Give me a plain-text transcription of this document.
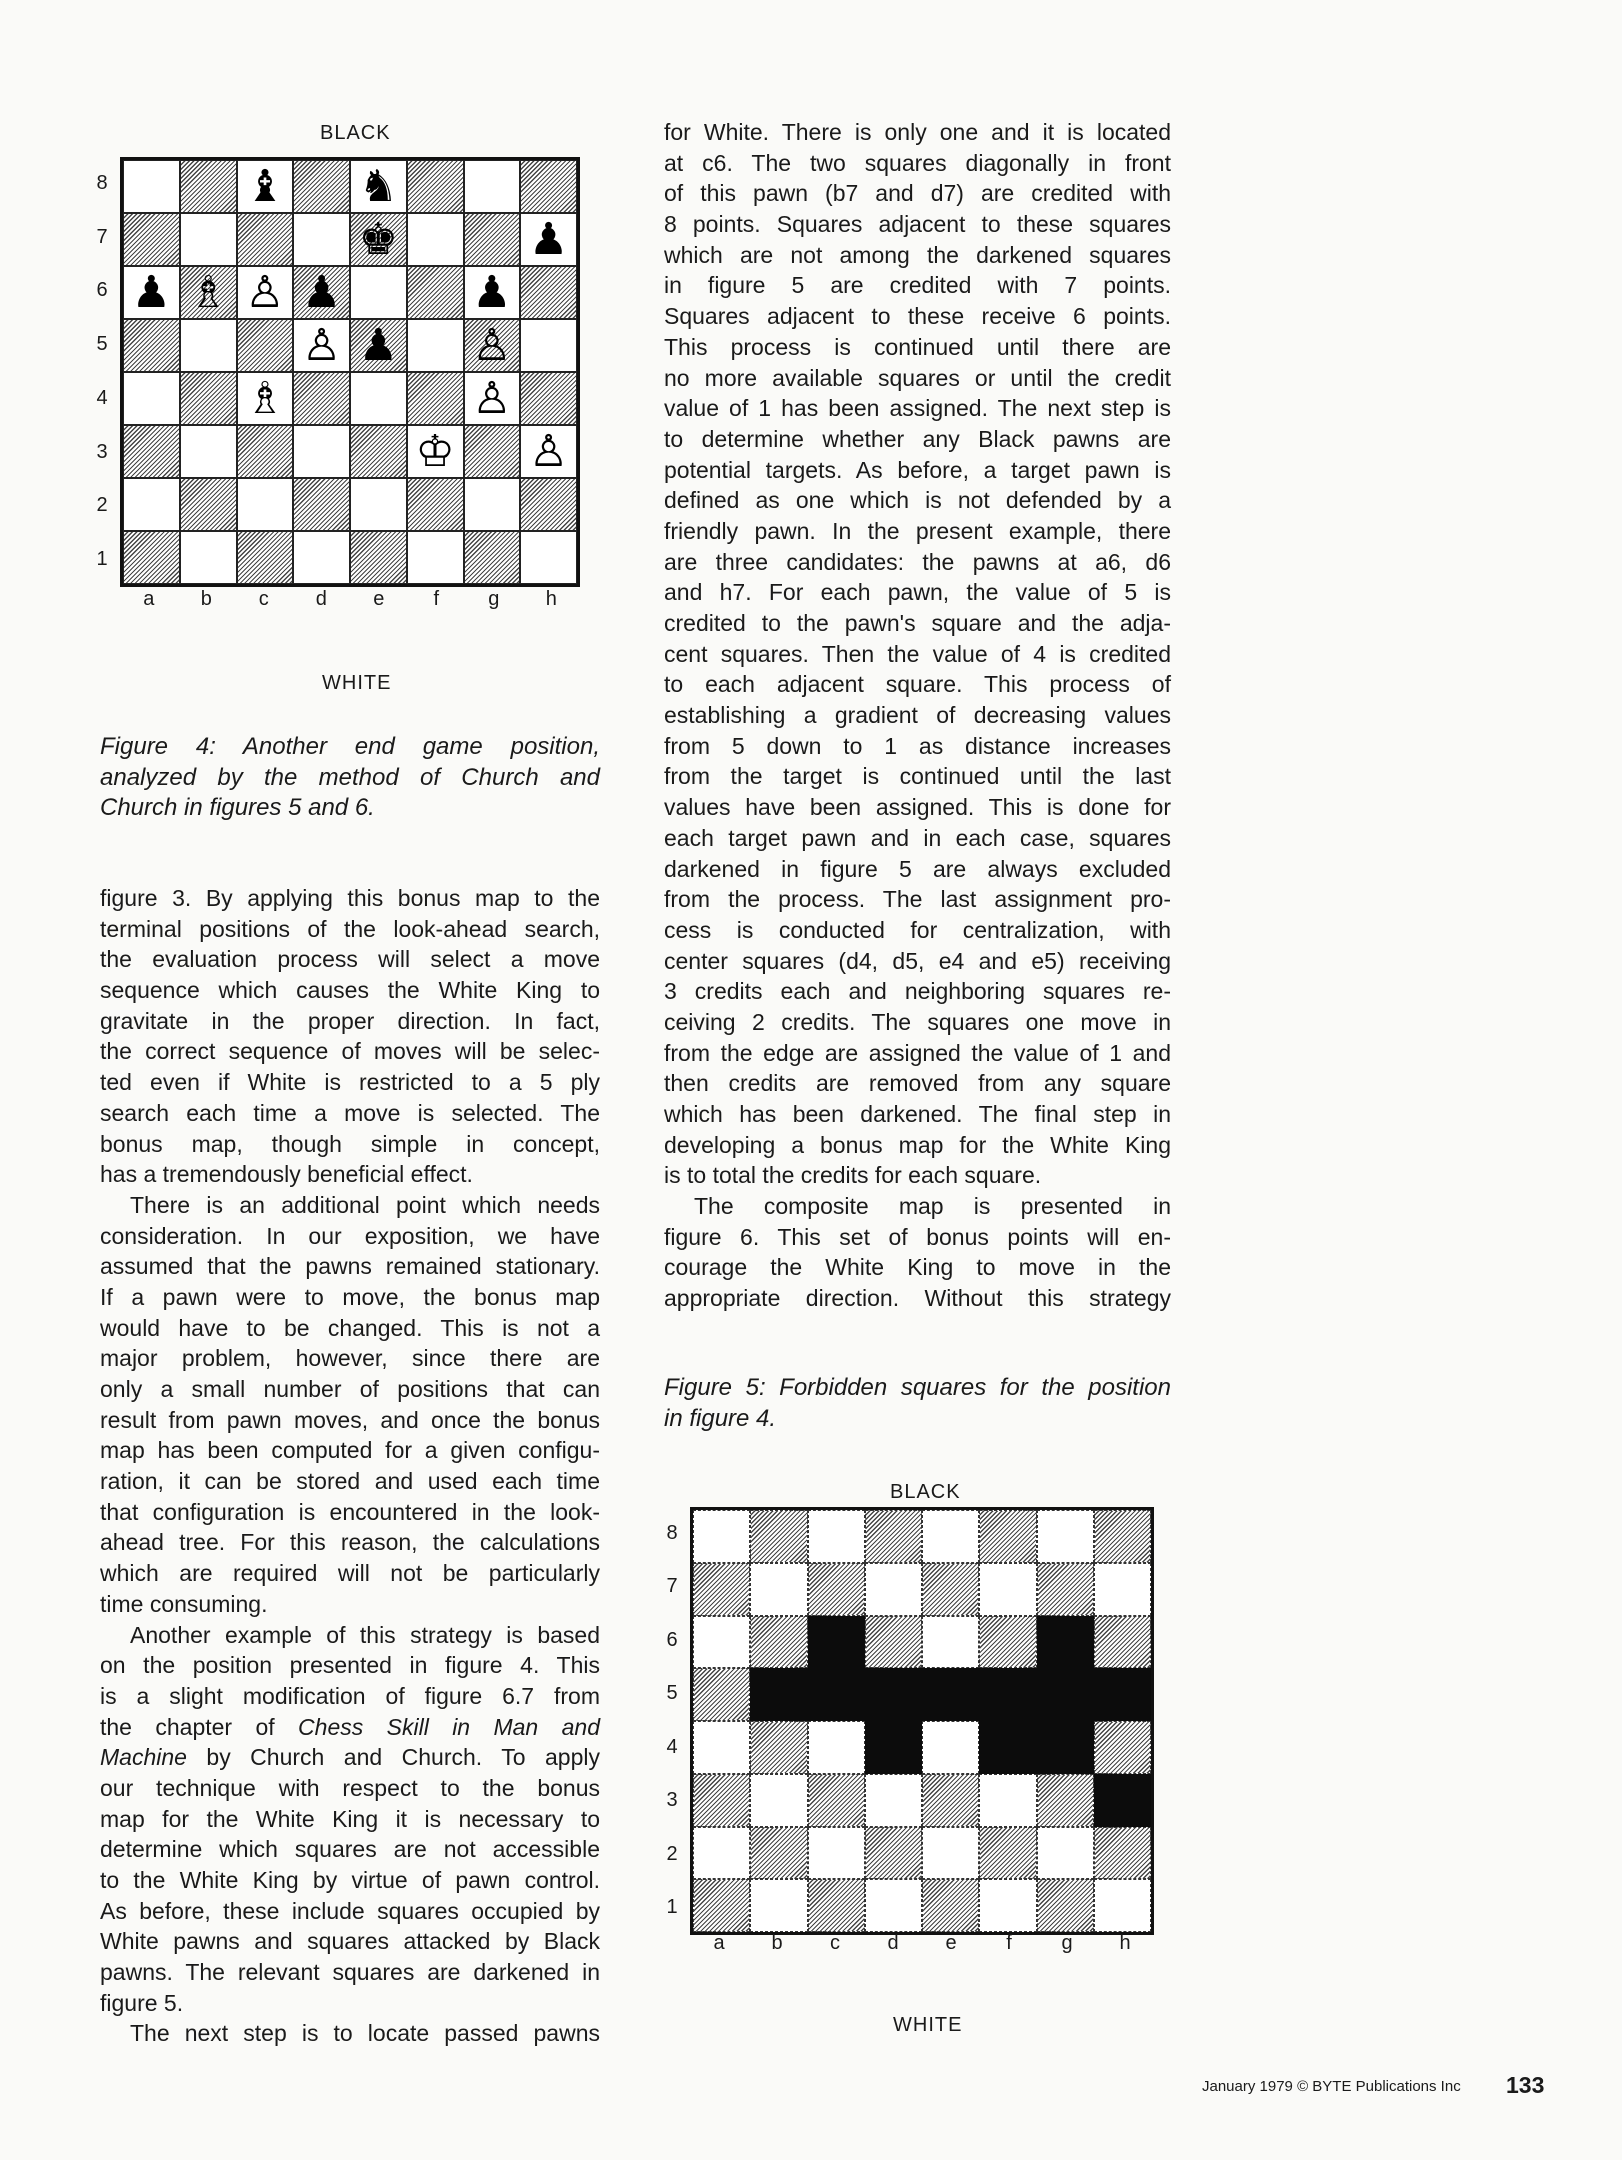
BLACK
♝ ♞
♚	♟
♟ ♗ ♙ ♟	♟
♙ ♟ ♙
♗	♙
♔ ♙
8
7
6
5
4
3
2
1
a b c d e	f	g h
WHITE
Figure 4: Another end game position,
analyzed by the method of Church and
Church in figures 5 and 6.
figure 3. By applying this bonus map to the
terminal positions of the look-ahead search,
the evaluation process will select a move
sequence which causes the White King to
gravitate in the proper direction. In fact,
the correct sequence of moves will be selec-
ted even if White is restricted to a 5 ply
search each time a move is selected. The
bonus map, though simple in concept,
has a tremendously beneficial effect.
There is an additional point which needs
consideration. In our exposition, we have
assumed that the pawns remained stationary.
If a pawn were to move, the bonus map
would have to be changed. This is not a
major problem, however, since there are
only a small number of positions that can
result from pawn moves, and once the bonus
map has been computed for a given configu-
ration, it can be stored and used each time
that configuration is encountered in the look-
ahead tree. For this reason, the calculations
which are required will not be particularly
time consuming.
Another example of this strategy is based
on the position presented in figure 4. This
is a slight modification of figure 6.7 from
the chapter of Chess Skill in Man and
Machine by Church and Church. To apply
our technique with respect to the bonus
map for the White King it is necessary to
determine which squares are not accessible
to the White King by virtue of pawn control.
As before, these include squares occupied by
White pawns and squares attacked by Black
pawns. The relevant squares are darkened in
figure 5.
The next step is to locate passed pawns
for White. There is only one and it is located
at c6. The two squares diagonally in front
of this pawn (b7 and d7) are credited with
8 points. Squares adjacent to these squares
which are not among the darkened squares
in figure 5 are credited with 7 points.
Squares adjacent to these receive 6 points.
This process is continued until there are
no more available squares or until the credit
value of 1 has been assigned. The next step is
to determine whether any Black pawns are
potential targets. As before, a target pawn is
defined as one which is not defended by a
friendly pawn. In the present example, there
are three candidates: the pawns at a6, d6
and h7. For each pawn, the value of 5 is
credited to the pawn's square and the adja-
cent squares. Then the value of 4 is credited
to each adjacent square. This process of
establishing a gradient of decreasing values
from 5 down to 1 as distance increases
from the target is continued until the last
values have been assigned. This is done for
each target pawn and in each case, squares
darkened in figure 5 are always excluded
from the process. The last assignment pro-
cess is conducted for centralization, with
center squares (d4, d5, e4 and e5) receiving
3 credits each and neighboring squares re-
ceiving 2 credits. The squares one move in
from the edge are assigned the value of 1 and
then credits are removed from any square
which has been darkened. The final step in
developing a bonus map for the White King
is to total the credits for each square.
The composite map is presented in
figure 6. This set of bonus points will en-
courage the White King to move in the
appropriate direction. Without this strategy
Figure 5: Forbidden squares for the position
in figure 4.
BLACK
8
7
6
5
4
3
2
1
a b c d e	f	g h
WHITE
January 1979 © BYTE Publications Inc 133
